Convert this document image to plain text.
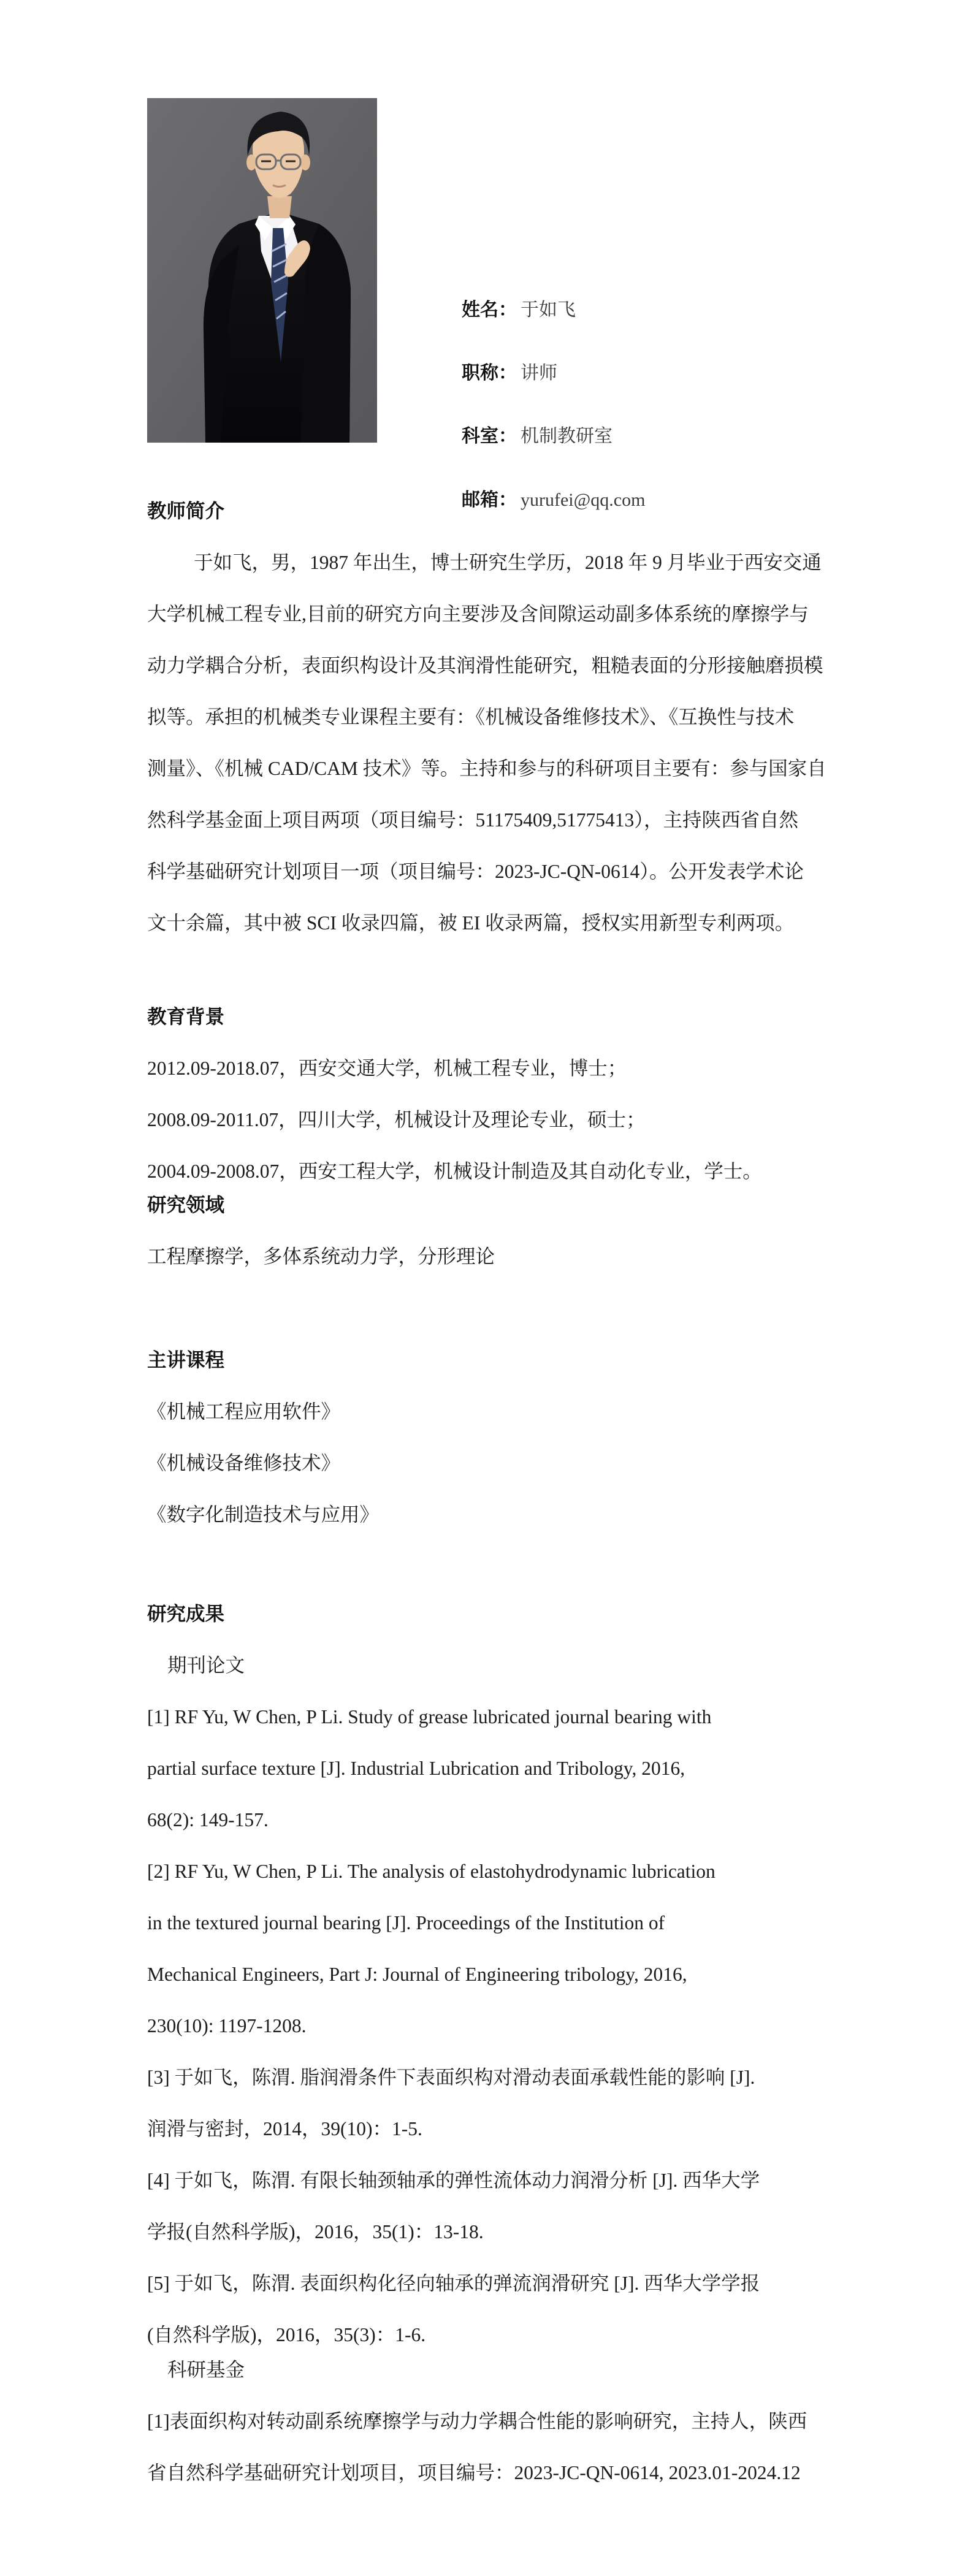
姓名： 于如飞
职称： 讲师
科室： 机制教研室
邮箱： yurufei@qq.com
教师简介
于如飞，男，1987 年出生，博士研究生学历，2018 年 9 月毕业于西安交通
大学机械工程专业,目前的研究方向主要涉及含间隙运动副多体系统的摩擦学与
动力学耦合分析，表面织构设计及其润滑性能研究，粗糙表面的分形接触磨损模
拟等。承担的机械类专业课程主要有：《机械设备维修技术》、《互换性与技术
测量》、《机械 CAD/CAM 技术》等。主持和参与的科研项目主要有：参与国家自
然科学基金面上项目两项（项目编号：51175409,51775413），主持陕西省自然
科学基础研究计划项目一项（项目编号：2023-JC-QN-0614）。公开发表学术论
文十余篇，其中被 SCI 收录四篇，被 EI 收录两篇，授权实用新型专利两项。
教育背景
2012.09-2018.07，西安交通大学，机械工程专业，博士；
2008.09-2011.07，四川大学，机械设计及理论专业，硕士；
2004.09-2008.07，西安工程大学，机械设计制造及其自动化专业，学士。
研究领域
工程摩擦学，多体系统动力学，分形理论
主讲课程
《机械工程应用软件》
《机械设备维修技术》
《数字化制造技术与应用》
研究成果
期刊论文
[1] RF Yu, W Chen, P Li. Study of grease lubricated journal bearing with
partial surface texture [J]. Industrial Lubrication and Tribology, 2016,
68(2): 149-157.
[2] RF Yu, W Chen, P Li. The analysis of elastohydrodynamic lubrication
in the textured journal bearing [J]. Proceedings of the Institution of
Mechanical Engineers, Part J: Journal of Engineering tribology, 2016,
230(10): 1197-1208.
[3] 于如飞，陈渭. 脂润滑条件下表面织构对滑动表面承载性能的影响 [J].
润滑与密封，2014，39(10)：1-5.
[4] 于如飞，陈渭. 有限长轴颈轴承的弹性流体动力润滑分析 [J]. 西华大学
学报(自然科学版)，2016，35(1)：13-18.
[5] 于如飞，陈渭. 表面织构化径向轴承的弹流润滑研究 [J]. 西华大学学报
(自然科学版)，2016，35(3)：1-6.
科研基金
[1]表面织构对转动副系统摩擦学与动力学耦合性能的影响研究，主持人，陕西
省自然科学基础研究计划项目，项目编号：2023-JC-QN-0614, 2023.01-2024.12
